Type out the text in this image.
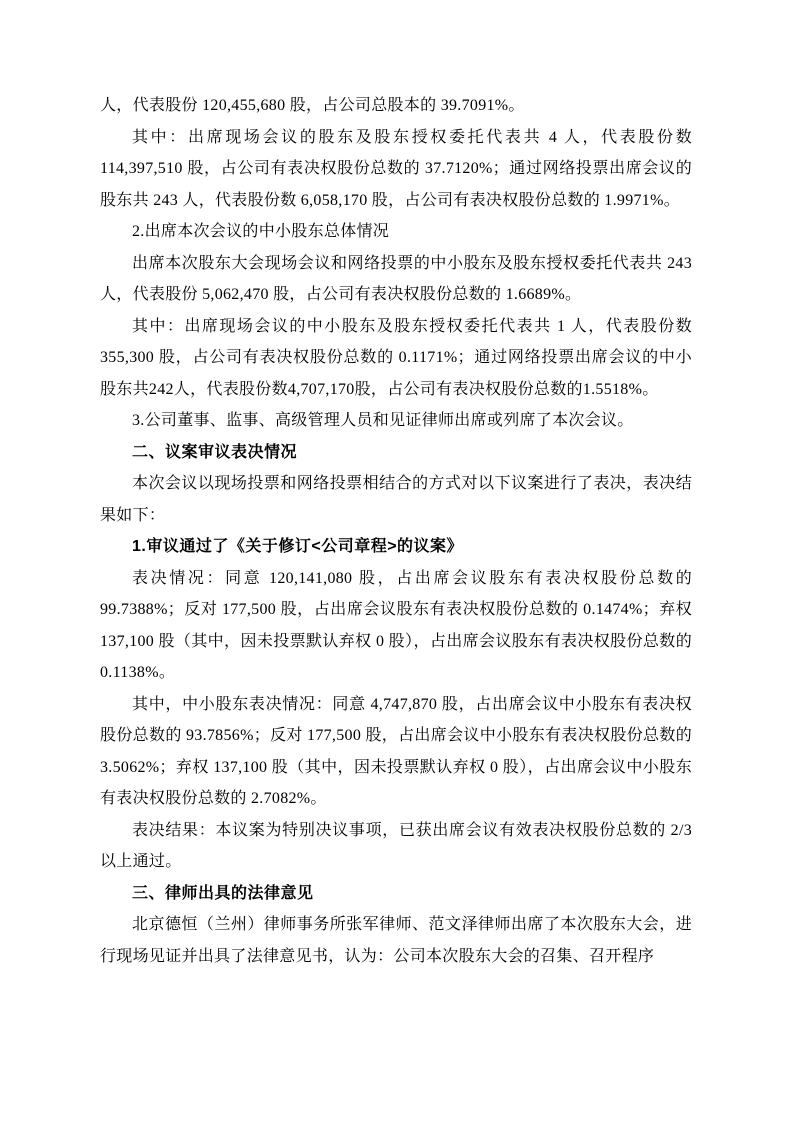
人，代表股份 120,455,680 股，占公司总股本的 39.7091%。

其中：出席现场会议的股东及股东授权委托代表共 4 人，代表股份数 114,397,510 股，占公司有表决权股份总数的 37.7120%；通过网络投票出席会议的股东共 243 人，代表股份数 6,058,170 股，占公司有表决权股份总数的 1.9971%。

2.出席本次会议的中小股东总体情况

出席本次股东大会现场会议和网络投票的中小股东及股东授权委托代表共 243 人，代表股份 5,062,470 股，占公司有表决权股份总数的 1.6689%。

其中：出席现场会议的中小股东及股东授权委托代表共 1 人，代表股份数 355,300 股，占公司有表决权股份总数的 0.1171%；通过网络投票出席会议的中小股东共242人，代表股份数4,707,170股，占公司有表决权股份总数的1.5518%。

3.公司董事、监事、高级管理人员和见证律师出席或列席了本次会议。

二、议案审议表决情况

本次会议以现场投票和网络投票相结合的方式对以下议案进行了表决，表决结果如下：

1.审议通过了《关于修订<公司章程>的议案》

表决情况：同意 120,141,080 股，占出席会议股东有表决权股份总数的 99.7388%；反对 177,500 股，占出席会议股东有表决权股份总数的 0.1474%；弃权 137,100 股（其中，因未投票默认弃权 0 股），占出席会议股东有表决权股份总数的 0.1138%。

其中，中小股东表决情况：同意 4,747,870 股，占出席会议中小股东有表决权股份总数的 93.7856%；反对 177,500 股，占出席会议中小股东有表决权股份总数的 3.5062%；弃权 137,100 股（其中，因未投票默认弃权 0 股），占出席会议中小股东有表决权股份总数的 2.7082%。

表决结果：本议案为特别决议事项，已获出席会议有效表决权股份总数的 2/3 以上通过。

三、律师出具的法律意见

北京德恒（兰州）律师事务所张军律师、范文泽律师出席了本次股东大会，进行现场见证并出具了法律意见书，认为：公司本次股东大会的召集、召开程序
